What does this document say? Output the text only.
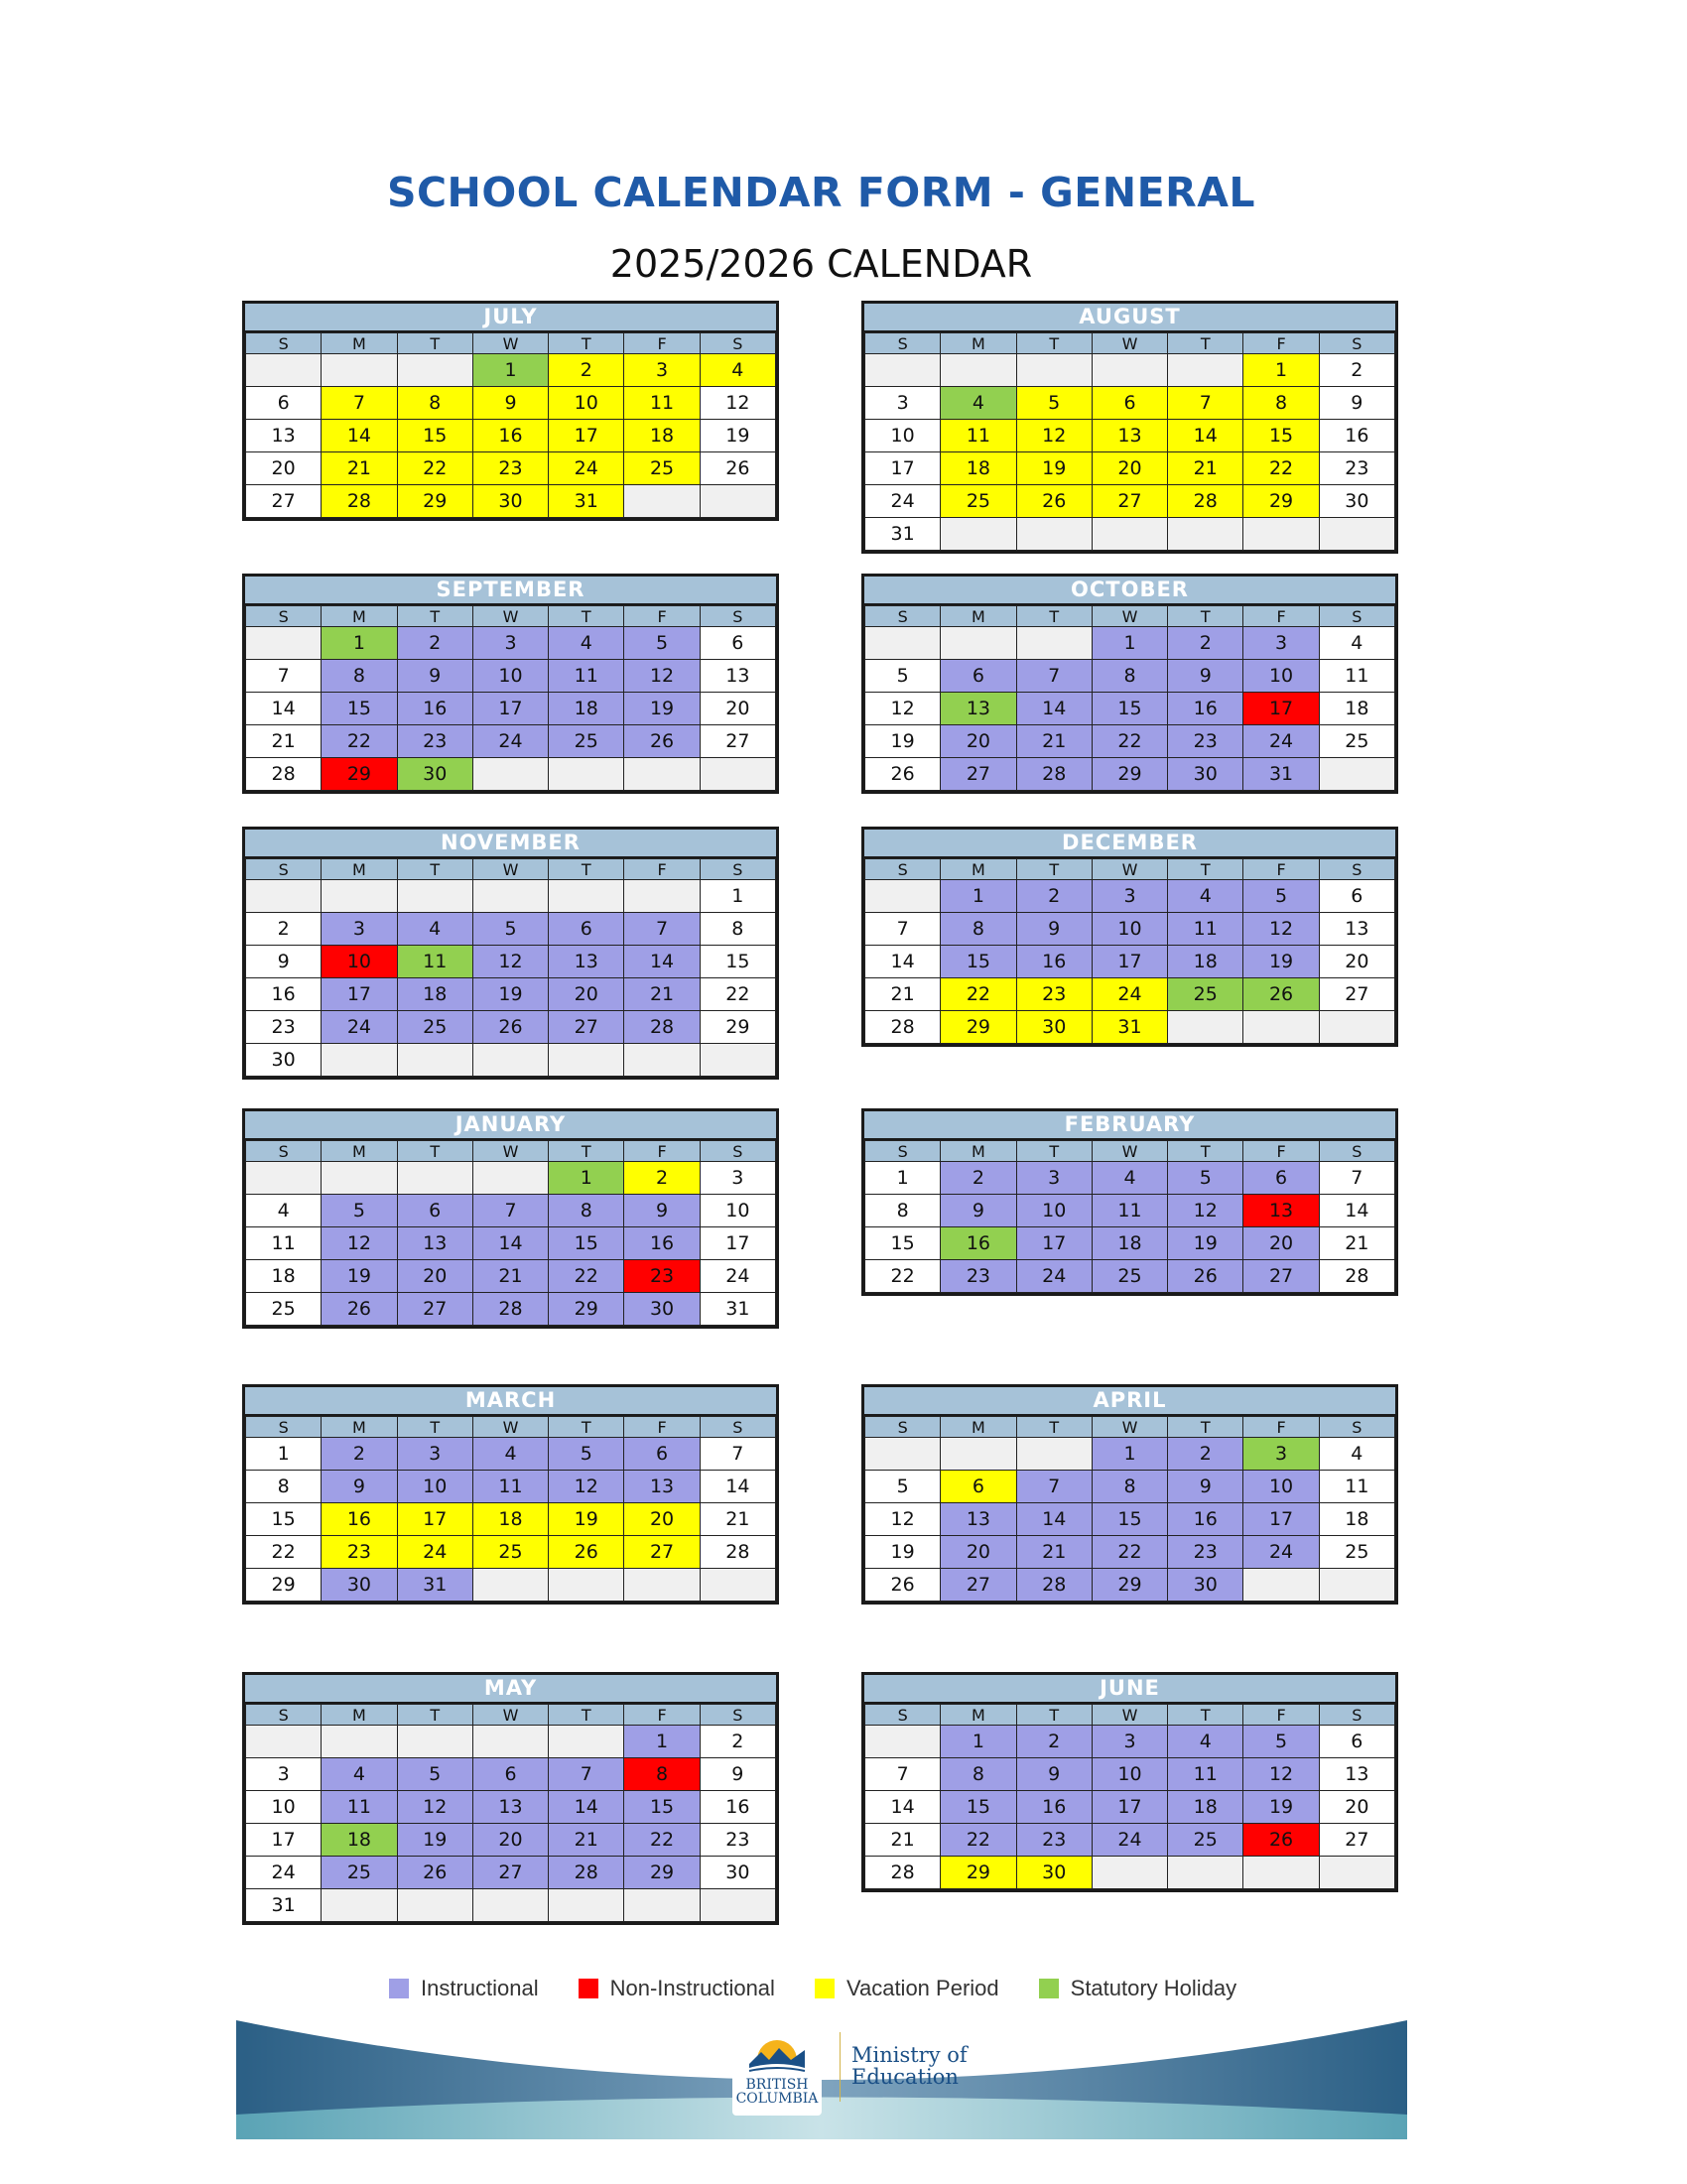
SCHOOL CALENDAR FORM - GENERAL
2025/2026 CALENDAR
JULY
S	M	T	W	T	F	S
			1	2	3	4
6	7	8	9	10	11	12
13	14	15	16	17	18	19
20	21	22	23	24	25	26
27	28	29	30	31		
AUGUST
S	M	T	W	T	F	S
					1	2
3	4	5	6	7	8	9
10	11	12	13	14	15	16
17	18	19	20	21	22	23
24	25	26	27	28	29	30
31						
SEPTEMBER
S	M	T	W	T	F	S
	1	2	3	4	5	6
7	8	9	10	11	12	13
14	15	16	17	18	19	20
21	22	23	24	25	26	27
28	29	30				
OCTOBER
S	M	T	W	T	F	S
			1	2	3	4
5	6	7	8	9	10	11
12	13	14	15	16	17	18
19	20	21	22	23	24	25
26	27	28	29	30	31	
NOVEMBER
S	M	T	W	T	F	S
						1
2	3	4	5	6	7	8
9	10	11	12	13	14	15
16	17	18	19	20	21	22
23	24	25	26	27	28	29
30						
DECEMBER
S	M	T	W	T	F	S
	1	2	3	4	5	6
7	8	9	10	11	12	13
14	15	16	17	18	19	20
21	22	23	24	25	26	27
28	29	30	31			
JANUARY
S	M	T	W	T	F	S
				1	2	3
4	5	6	7	8	9	10
11	12	13	14	15	16	17
18	19	20	21	22	23	24
25	26	27	28	29	30	31
FEBRUARY
S	M	T	W	T	F	S
1	2	3	4	5	6	7
8	9	10	11	12	13	14
15	16	17	18	19	20	21
22	23	24	25	26	27	28
MARCH
S	M	T	W	T	F	S
1	2	3	4	5	6	7
8	9	10	11	12	13	14
15	16	17	18	19	20	21
22	23	24	25	26	27	28
29	30	31				
APRIL
S	M	T	W	T	F	S
			1	2	3	4
5	6	7	8	9	10	11
12	13	14	15	16	17	18
19	20	21	22	23	24	25
26	27	28	29	30		
MAY
S	M	T	W	T	F	S
					1	2
3	4	5	6	7	8	9
10	11	12	13	14	15	16
17	18	19	20	21	22	23
24	25	26	27	28	29	30
31						
JUNE
S	M	T	W	T	F	S
	1	2	3	4	5	6
7	8	9	10	11	12	13
14	15	16	17	18	19	20
21	22	23	24	25	26	27
28	29	30				
Instructional	Non-Instructional	Vacation Period	Statutory Holiday
BRITISH
COLUMBIA
Ministry of
Education
